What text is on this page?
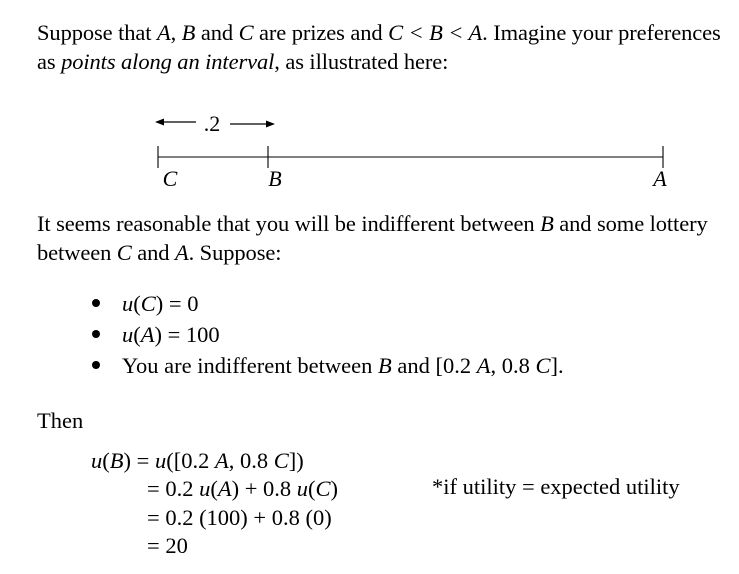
Suppose that A, B and C are prizes and C < B < A. Imagine your preferences as points along an interval, as illustrated here:
.2
C	B	A
It seems reasonable that you will be indifferent between B and some lottery between C and A. Suppose:
u(C) = 0
u(A) = 100
You are indifferent between B and [0.2 A, 0.8 C].
Then
u(B) = u([0.2 A, 0.8 C])
= 0.2 u(A) + 0.8 u(C)
= 0.2 (100) + 0.8 (0)
= 20
*if utility = expected utility
